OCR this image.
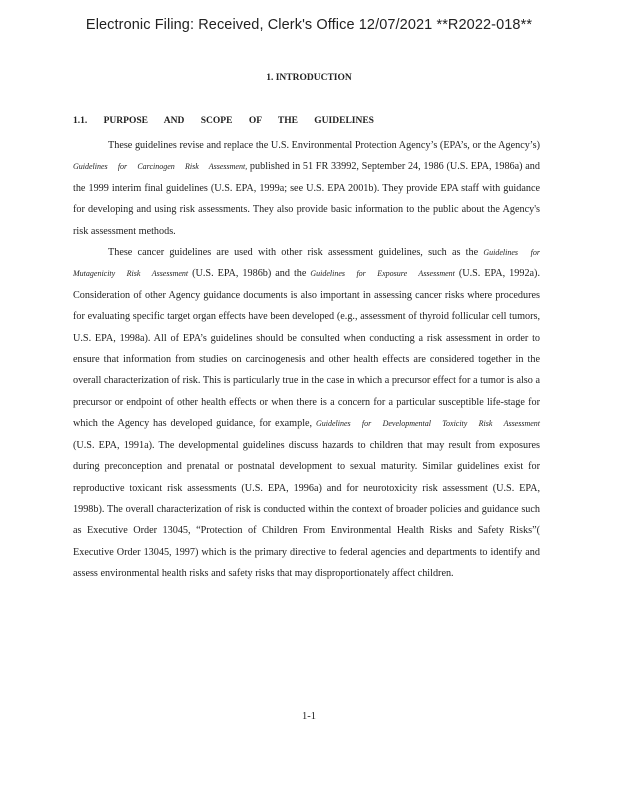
Electronic Filing: Received, Clerk's Office 12/07/2021 **R2022-018**
1. INTRODUCTION
1.1. PURPOSE AND SCOPE OF THE GUIDELINES

These guidelines revise and replace the U.S. Environmental Protection Agency’s (EPA’s, or the Agency’s) Guidelines for Carcinogen Risk Assessment, published in 51 FR 33992, September 24, 1986 (U.S. EPA, 1986a) and the 1999 interim final guidelines (U.S. EPA, 1999a; see U.S. EPA 2001b). They provide EPA staff with guidance for developing and using risk assessments. They also provide basic information to the public about the Agency's risk assessment methods.

These cancer guidelines are used with other risk assessment guidelines, such as the Guidelines for Mutagenicity Risk Assessment (U.S. EPA, 1986b) and the Guidelines for Exposure Assessment (U.S. EPA, 1992a). Consideration of other Agency guidance documents is also important in assessing cancer risks where procedures for evaluating specific target organ effects have been developed (e.g., assessment of thyroid follicular cell tumors, U.S. EPA, 1998a). All of EPA’s guidelines should be consulted when conducting a risk assessment in order to ensure that information from studies on carcinogenesis and other health effects are considered together in the overall characterization of risk. This is particularly true in the case in which a precursor effect for a tumor is also a precursor or endpoint of other health effects or when there is a concern for a particular susceptible life-stage for which the Agency has developed guidance, for example, Guidelines for Developmental Toxicity Risk Assessment (U.S. EPA, 1991a). The developmental guidelines discuss hazards to children that may result from exposures during preconception and prenatal or postnatal development to sexual maturity. Similar guidelines exist for reproductive toxicant risk assessments (U.S. EPA, 1996a) and for neurotoxicity risk assessment (U.S. EPA, 1998b). The overall characterization of risk is conducted within the context of broader policies and guidance such as Executive Order 13045, “Protection of Children From Environmental Health Risks and Safety Risks”( Executive Order 13045, 1997) which is the primary directive to federal agencies and departments to identify and assess environmental health risks and safety risks that may disproportionately affect children.

1-1
